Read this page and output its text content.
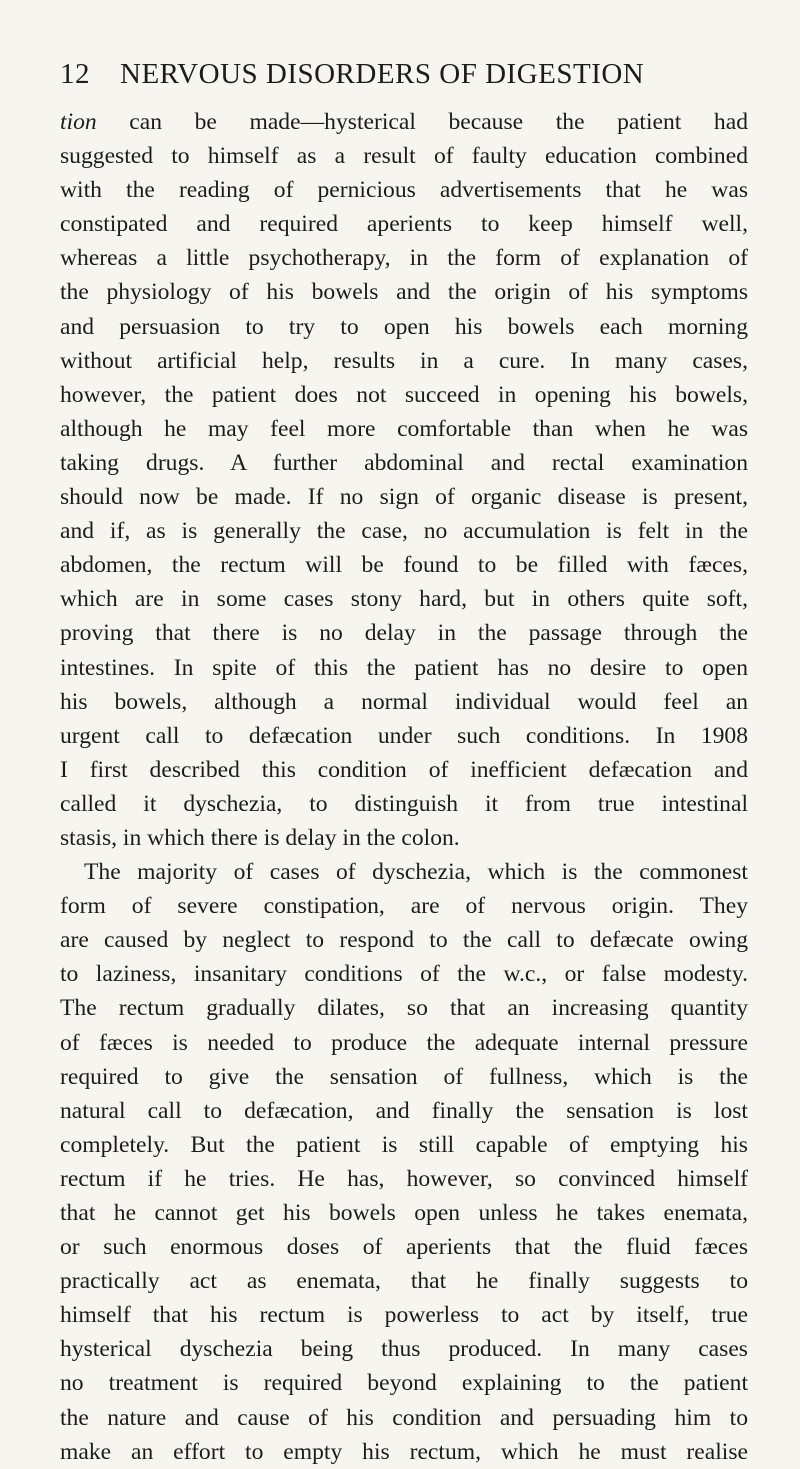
12 NERVOUS DISORDERS OF DIGESTION
tion can be made—hysterical because the patient had
suggested to himself as a result of faulty education combined
with the reading of pernicious advertisements that he was
constipated and required aperients to keep himself well,
whereas a little psychotherapy, in the form of explanation of
the physiology of his bowels and the origin of his symptoms
and persuasion to try to open his bowels each morning
without artificial help, results in a cure. In many cases,
however, the patient does not succeed in opening his bowels,
although he may feel more comfortable than when he was
taking drugs. A further abdominal and rectal examination
should now be made. If no sign of organic disease is present,
and if, as is generally the case, no accumulation is felt in the
abdomen, the rectum will be found to be filled with fæces,
which are in some cases stony hard, but in others quite soft,
proving that there is no delay in the passage through the
intestines. In spite of this the patient has no desire to open
his bowels, although a normal individual would feel an
urgent call to defæcation under such conditions. In 1908
I first described this condition of inefficient defæcation and
called it dyschezia, to distinguish it from true intestinal
stasis, in which there is delay in the colon.
The majority of cases of dyschezia, which is the commonest
form of severe constipation, are of nervous origin. They
are caused by neglect to respond to the call to defæcate owing
to laziness, insanitary conditions of the w.c., or false modesty.
The rectum gradually dilates, so that an increasing quantity
of fæces is needed to produce the adequate internal pressure
required to give the sensation of fullness, which is the
natural call to defæcation, and finally the sensation is lost
completely. But the patient is still capable of emptying his
rectum if he tries. He has, however, so convinced himself
that he cannot get his bowels open unless he takes enemata,
or such enormous doses of aperients that the fluid fæces
practically act as enemata, that he finally suggests to
himself that his rectum is powerless to act by itself, true
hysterical dyschezia being thus produced. In many cases
no treatment is required beyond explaining to the patient
the nature and cause of his condition and persuading him to
make an effort to empty his rectum, which he must realise
